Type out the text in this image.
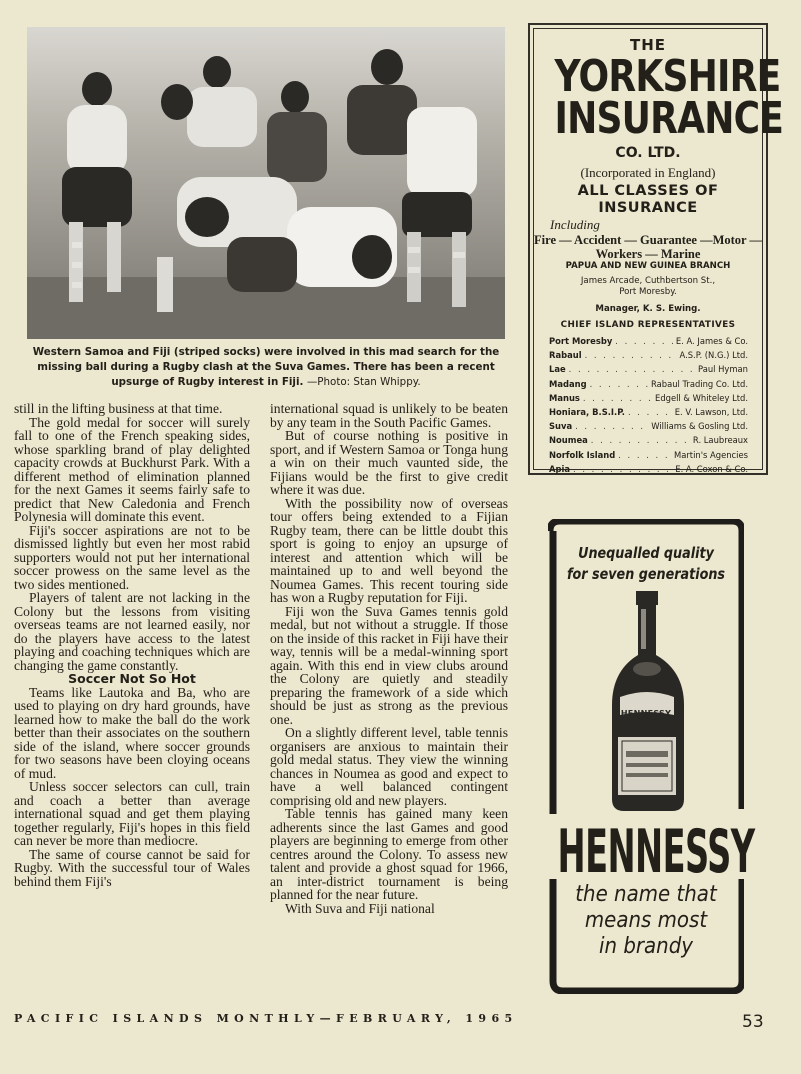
Western Samoa and Fiji (striped socks) were involved in this mad search for the missing ball during a Rugby clash at the Suva Games. There has been a recent upsurge of Rugby interest in Fiji. —Photo: Stan Whippy.

still in the lifting business at that time.

The gold medal for soccer will surely fall to one of the French speaking sides, whose sparkling brand of play delighted capacity crowds at Buckhurst Park. With a different method of elimination planned for the next Games it seems fairly safe to predict that New Caledonia and French Polynesia will dominate this event.

Fiji's soccer aspirations are not to be dismissed lightly but even her most rabid supporters would not put her international soccer prowess on the same level as the two sides mentioned.

Players of talent are not lacking in the Colony but the lessons from visiting overseas teams are not learned easily, nor do the players have access to the latest playing and coaching techniques which are changing the game constantly.

Soccer Not So Hot

Teams like Lautoka and Ba, who are used to playing on dry hard grounds, have learned how to make the ball do the work better than their associates on the southern side of the island, where soccer grounds for two seasons have been cloying oceans of mud.

Unless soccer selectors can cull, train and coach a better than average international squad and get them playing together regularly, Fiji's hopes in this field can never be more than mediocre.

The same of course cannot be said for Rugby. With the successful tour of Wales behind them Fiji's

international squad is unlikely to be beaten by any team in the South Pacific Games.

But of course nothing is positive in sport, and if Western Samoa or Tonga hung a win on their much vaunted side, the Fijians would be the first to give credit where it was due.

With the possibility now of overseas tour offers being extended to a Fijian Rugby team, there can be little doubt this sport is going to enjoy an upsurge of interest and attention which will be maintained up to and well beyond the Noumea Games. This recent touring side has won a Rugby reputation for Fiji.

Fiji won the Suva Games tennis gold medal, but not without a struggle. If those on the inside of this racket in Fiji have their way, tennis will be a medal-winning sport again. With this end in view clubs around the Colony are quietly and steadily preparing the framework of a side which should be just as strong as the previous one.

On a slightly different level, table tennis organisers are anxious to maintain their gold medal status. They view the winning chances in Noumea as good and expect to have a well balanced contingent comprising old and new players.

Table tennis has gained many keen adherents since the last Games and good players are beginning to emerge from other centres around the Colony. To assess new talent and provide a ghost squad for 1966, an inter-district tournament is being planned for the near future.

With Suva and Fiji national

THE
YORKSHIRE
INSURANCE
CO. LTD.
(Incorporated in England)
ALL CLASSES OF INSURANCE
Including
Fire — Accident — Guarantee —Motor — Workers — Marine
PAPUA AND NEW GUINEA BRANCH
James Arcade, Cuthbertson St., Port Moresby.
Manager, K. S. Ewing.
CHIEF ISLAND REPRESENTATIVES
Port Moresby . . .	E. A. James & Co.
Rabaul . . .	A.S.P. (N.G.) Ltd.
Lae . . .	Paul Hyman
Madang . . .	Rabaul Trading Co. Ltd.
Manus . . .	Edgell & Whiteley Ltd.
Honiara, B.S.I.P. . . .	E. V. Lawson, Ltd.
Suva . . .	Williams & Gosling Ltd.
Noumea . . .	R. Laubreaux
Norfolk Island . . .	Martin's Agencies
Apia . . .	E. A. Coxon & Co.
Unequalled quality
for seven generations
HENNESSY
HENNESSY
the name that
means most
in brandy
PACIFIC ISLANDS MONTHLY—FEBRUARY, 1965	53
